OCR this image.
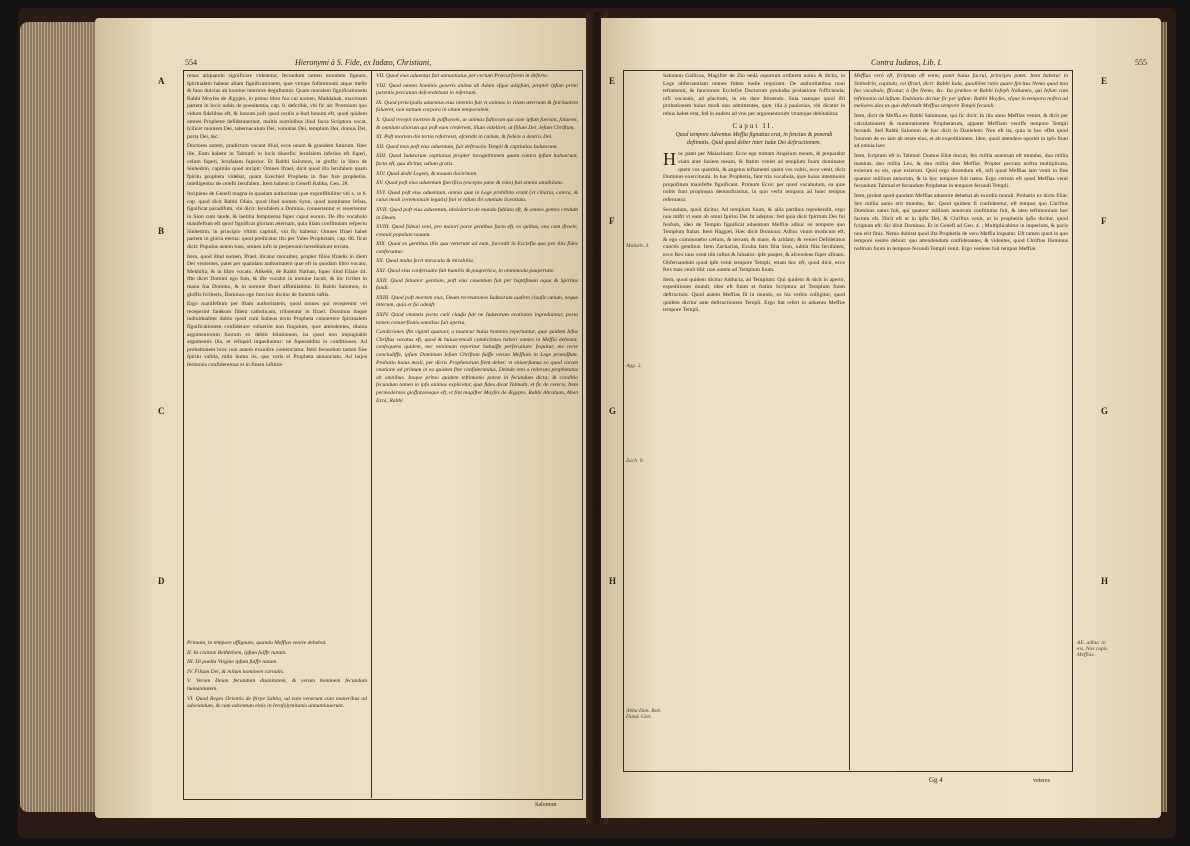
554	Hieronymi à S. Fide, ex Iudæo, Christiani,
A
B
C
D

renas aliquando significare videantur, fecundum tamen moralem fignum, fpiritualem habent aliam fignificationem, quæ vnique folùmmodò atque melle & fano dulcius ab homine interiore deguftantur. Quam moralem fignificationem Rabbi Moyfes de Ægypto, in primo libro fuo cui nomen, Maddahak, maximam partem in locis nobis de poenitentia, cap. 8. defcribit, vbi fic ait: Præmium quo vidum fidelibus eft, & bonum poft quod oculis a-liud bonum eft, quod quidem omnes Prophetæ defiderauerunt, multis nominibus illud facra Scriptura vocat, fcilicet montem Dei, tabernaculum Dei, voluntas Dei, templum Dei, domus Dei, porta Dei, &c.

Doctores autem, pradictum vocant illud, ecce unum & grandem futurum. Hæc ille. Eum habent in Talmuth in locis diuerfis: Ierufalem inferius eft fuperi, celum fuperi, Ierufalem fuperior. Et Rabbi Salomon, in gloffa: in libro de Sinhedrin, capitulo quod incipit: Omnes Ifrael, dicit quod illa Ierufalem quam fpiritu propheta videbat, quam Ezechiel Propheta in fine fuæ prophetiæ, intelligentur de celefti Ierufalem. Item habent in Genefi Rabba, Gen. 28.

Incipiens de Genefi magna in quadam authoritate quæ expreffibilitur vbi x. in 8. cap. quod dicit Rabbi Oſaia, quod illud nomen Syon, quod nominatur Iefaia, fignificat paradifum, vbi dicit: Ierufalem a Domino, conuertentur ei reuertentur in Sion cum laude, & laetitia fempiterna fuper caput eorum. De ifto vocabulo manifeftum eft quod fignificat gloriam æternam, quia illam conflitutam refpectu Sinhedrin, in principio vltimi capituli, vbi fic habetur: Omnes Ifrael habet partem in gloria eterna: quod predicatur ifsi per Vales Prophetam, cap. 60. ficut dicit: Populus autem tuus, omnes iufti in perpetuum hereditabunt terram.

Item, quod illud nomen, Ifrael, dicatur moraliter, propter filios Ifraelis in diem Dei venientes, patet per quandam authoritatem quæ eft in quodam libro vocato, Mekhilta, & in libro vocato, Abkehb, de Rabbi Nathan, fuper illud Efaiæ 44. Ifte dicet Domini ego fum, & ifte vocabit in nomine Iacob, & hic fcribet in manu fua Domino, & in nomine Ifrael affimilabitur. Et Rabbi Salomon, in gloffis fcriberis, Dominus ego fum hoc dicitur de fummis iuftis.

Ergo manifeftum per iftam authoritatem, quod omnes qui receperunt vel receperint fan&um fidem catholicam, tribuentur in Ifrael. Dominus itaque indiuidualiter dubio quod cum Iudæus textu Propheta conuertere fpiritualem fignificationem confiderare voluerint non fingulum, quæ attendentes, diuina argumentorum fuorum ex debiti folutionem, ita quod non impugnabit argumentis illa, et reliquid impediuntur: ne fuperaddita in conditiones. Ad probationem hcec non autem exaudire comenciatur. Item fecundum tamen fine fpiritu valida, mihi humo iis, quo varis ei Propheta annunciatu. Ad hujus fermonis confideremus et in finem iuftitiæ.

Primum, in tempore affignato, quando Meffias venire debebat.

II. In ciuitate Bethlehem, ipfum fuiffe natum.

III. Di puella Virgine ipfum fuiffe natum.

IV. Filium Dei, & milum hominem carnalis.

V. Verum Deum fecundum diuinitatem, & verum hominem fecundum humanitatem.

VI. Quod Reges Orientis de ftirpe Sabba, ad eum venerunt cum muneribus ad adorandum, & cum adventum einis in Ierofolymitanis annuntiauerunt.

VII. Quod eius aduentus fuit annuntiatus per certum Præcurforem in deferto.

VIII. Quod omnes hominis generis anima ab Adam vfque adipfum, propter ipfum primi parentis peccatum defcendebant in infernum.

IX. Quod principalis aduentus eius intentio fuit vt animas in vitam æternam & fpiritualem falueret, non tantum corpora in vitam temporalem.

X. Quod recepit mortem & paffionem, ut animas fuftorum qui ante ipfum fuerunt, falueret, & omnium aliorum qui poft eum crederent, illum videlicet, ut filium Dei, Iefum Chriftum.

XI. Poft mortem die tertia refurrexit, afcendit in cælum, & federe à dextris Dei.

XII. Quod mox poft eius aduentum, fuit deftructio Templi & captiuitas Iudæorum.

XIII. Quod Iudæorum captiuitas propter incognitionem quam contra ipfum habuerunt, facta eft, qua dicitur, odium gratis.

XIV. Quod dedit Legem, & nouam doctrinam.

XV. Quod poft eius aduentum fpecifica (excepto pane & vino) fuit omnia annihilata.

XVI. Quod poft eius aduentum, omnia quæ in Lege prohibita erant (vt cibaria, catera, & cuius modi ceremoniale legatis) fuit vt infum ibi omnium licentiata.

XVII. Quod poft eius aduentum, idololatria de mundo fublata eft, & omnes gentes credunt in Deum.

XVIII. Quod fideuti veni, pro maiori parte gentibus facta eft, ex quibus, vna cum ifraele, creauit populum nouum.

XIX. Quod ex gentibus illis qua venerunt ad eum, fuccedit in Ecclefia qua pro illis fides conferuatur.

XX. Quod multa fecit miracula & mirabilia.

XXI. Quod eius conferuatio fuit humilis & paupertica, in omnimoda paupertate.

XXII. Quod faluator gentium, poft eius cauentum fuit per baptifmum aqua & Spiritus fandi.

XXIII. Quod poft mortem eius, Deum recreationes Iudæorum audiret claufit cælum, neque interum, quia et fui adeuft.

XXIV. Quod vnumtis porta cæli claufa fuit ne Iudæorum orationes ingrediantur, porta tamen conuerfionis omnibus fuit aperta.

Condiciones ifta viginti quatuor, a tauetcur huius hominis reperiuntur, quæ quidem Iefus Chriftus vocatus eft, quod & huiuscemodi condiciones haberi omnes in Meffia debeant, confequens quidem, nec minimum reperitur habuiffe perferutium: fequitur, me recte concludiffe, ipfum Dominum Iefum Chriftum fuiffe verum Meffiam in Lege promiffum. Probatio huius modi, per dictis Prophetarum fient debet: vt vniuerfamus eo quod coram vnatione ad primum in ea quidem fine confiderandus, Deinde rem a reiterum prophetatas ab omnibus. Itaque primo quidem teftimonio potest in fecundum dicta; & conditio fecundum tamen in ipfo animus explicetur, quæ fides dicat Talmuth, et fic de ceteris. Item permodernos gloffatoresque eft, vt fint magifter Moyfes de Ægypto, Rabbi Abraham, Aben Ezra, Rabbi

Salomon
Contra Iudæos, Lib. I.	555
E
F
G
H
E
F
G
H
Malach. 3.
Agg. 2.
Zach. 9.
Abba Dan. Bob. Dand. Gen.
AE. adbuc in eis, Nos cupis Meffias.

Salomon Gallicus, Magifter de Zio nedà oquorum ordinem nobis & dictis, in Lege obferuantiam omnes fidem hodie requirant. De authoritatibus noui teftamenti, & fanctorum Ecclefiæ Doctorum produ&a probatione fufficienda; nifi vocando, ad placitum, in eis dare ftituendo. Sola namque quod ifti probationem huius modi non admittentes, quæ, illa à pauiorius, vbi dicatur in rebus habet erat, fed in eadem ad vno per argumentorum vtramque debitabitur.

Caput II.
Quod tempore Adventus Meffia fignatius erat, in fenctuo & ponendi deftinatis. Quid quod deber inter Iudæ Det deftructionem.

Hoc patet per Malachiam: Ecce ego mittam Angelum meum, & preparabit viam ante faciem meam, & ftatim veniet ad templum fuum dominator quem vos quæritis, & angelus teftamenti quem vos vultis, ecce venit, dicit Dominus exercituum. In hac Prophetia, funt tria vocabula, quæ huius intentionis propofitum manifefte fignificant. Primum Ecce: per quod vocabulum, ea quæ nobis funt propinqua demonftrantur, in quo verbi tempora ad hunc tempus referuntur.

Secundum, quod dicitur, Ad templum fuum, & aliis partibus reprehendit, ergo non mifit vt eum ab omni fpiritu Dei fit adeptus: fed quia dicit fpiritum Dei fui fenfum, ideo de Templo fignificat aduentum Meffiæ adhuc eo tempore quo Templum ftabat. Item Haggæi, Hæc dicit Dominus: Adhuc vnum modicum eft, & ego commouebo cælum, & terram, & mare, & aridam; & veniet Defideratus cunctis gentibus. Item Zacharias, Exulta fatis filia Sion, iubila filia Ierufalem, ecce Rex tuus venit tibi iuftus & faluator: ipfe pauper, & afcendens fuper afinam. Obferuandum quod ipfe venit tempore Templi, etiam hoc eft, quod dicit, ecce Rex tuus venit tibi: non autem ad Templum fuum.

Item, quod quidem dicitur Adducta, ad Templum: Qui quidem & dicit in aperto, expeditiones mundi, ideo eft fuum et ftatim Scriptura ad Templum fuum deftructum. Quod autem Meffias fit in mundo, ex his verbis colligitur, quod quidem dicitur ante deftructionem Templi. Ergo ftat refert in aduentu Meffiæ tempore Templi.

Meffias verò eft, fcriptum eft enim, patet huius facrui, principes patet. Item habetur in Sinhedrin, capitulo, tol Ifrael, dicit: Rabbi Iuda, quodlibet ratio quare fpiritus Nemo quod non fuo vocabulo, fficatur, à ifte Nemo, &c. Ita præbeo te Rabbi Iofeph Nahumio, qui Iefum cum teftimonio ad iuftum. Dubitatio dicitur fic per ipfum: Rabbi Moyfes, vfque in tempora noftra ad meliores dies ex quo defcendit Meffias tempore Templi fecundi.

Item, dicit de Meffia ex Rabbi Salomone, qui fic dicit: In illo anno Meffias veniet, & dicit per calculationem & numerationem Prophetarum, apparet Meffiam veniffe tempore Templi fecundi. Sed Rabbi Salomon de hoc dicit in Danielem: Non eft ita, quia in hoc effet quod futurum de eo iam ab ætate eius, et ab expeditionem. Ideo, quod attendere oportet in ipfo fiunt ad omnia hæc.

Item, fcriptum eft in Talmud: Domus Eliæ docuit, fex millia annorum eft mundus, duo millia inanitas, duo millia Lex, & duo millia dies Meffiæ. Propter peccata noftra multiplicata, exierunt ex eis, quæ exierunt. Quid ergo dicendum eft, nifi quod Meffias iam venit in fine quatuor millium annorum, & in hoc tempore fuit natus. Ergo certum eft quod Meffias venit fecundum Talmud et fecundum Prophetas in tempore fecundi Templi.

Item, probat quod quodam Meffias aduenire debebat ab exordio mundi. Probatio ex dicto Eliæ: Sex millia annis erit mundus, &c. Quod quidem fi confideretur, eft tempus quo Chriftus Dominus natus fuit, qui quatuor millium annorum conftitutus fuit, & ideo teftimonium hoc factum eft. Dicit eft ut in ipfis Dei, & Chriftus venit, ut in prophetiis ipfis dicitur, quod fcriptum eft: Sic dixit Dominus. Et in Genefi ad Gen. 4. ; Multiplicabitur in imperium, & pacis non erit finis. Nemo dubitat quod ifta Prophetia de vero Meffia loquatur. Eft tamen quod in quo tempore venire debuit: quo attendendum confiderantes, & videntes, quod Chriftus Dominus noftrum fuum in tempore fecundi Templi venit. Ergo veniens fuit tempus Meffiæ.

Gg 4	veteres
